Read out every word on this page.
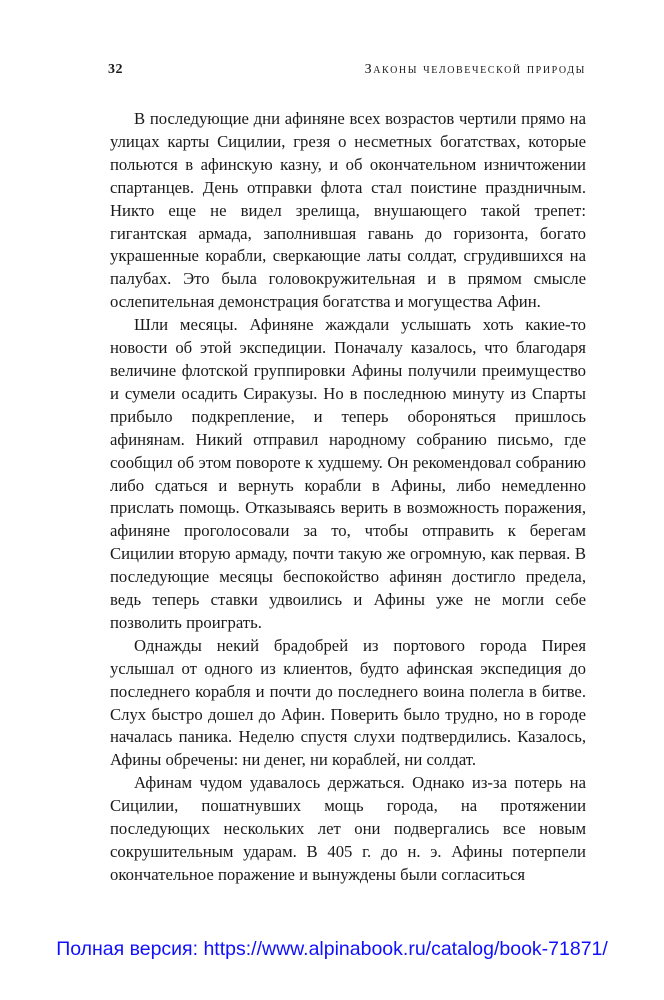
32	Законы человеческой природы

В последующие дни афиняне всех возрастов чертили прямо на улицах карты Сицилии, грезя о несметных богатствах, которые польются в афинскую казну, и об окончательном изничтожении спартанцев. День отправки флота стал поистине праздничным. Никто еще не видел зрелища, внушающего такой трепет: гигантская армада, заполнившая гавань до горизонта, богато украшенные корабли, сверкающие латы солдат, сгрудившихся на палубах. Это была головокружительная и в прямом смысле ослепительная демонстрация богатства и могущества Афин.

Шли месяцы. Афиняне жаждали услышать хоть какие-то новости об этой экспедиции. Поначалу казалось, что благодаря величине флотской группировки Афины получили преимущество и сумели осадить Сиракузы. Но в последнюю минуту из Спарты прибыло подкрепление, и теперь обороняться пришлось афинянам. Никий отправил народному собранию письмо, где сообщил об этом повороте к худшему. Он рекомендовал собранию либо сдаться и вернуть корабли в Афины, либо немедленно прислать помощь. Отказываясь верить в возможность поражения, афиняне проголосовали за то, чтобы отправить к берегам Сицилии вторую армаду, почти такую же огромную, как первая. В последующие месяцы беспокойство афинян достигло предела, ведь теперь ставки удвоились и Афины уже не могли себе позволить проиграть.

Однажды некий брадобрей из портового города Пирея услышал от одного из клиентов, будто афинская экспедиция до последнего корабля и почти до последнего воина полегла в битве. Слух быстро дошел до Афин. Поверить было трудно, но в городе началась паника. Неделю спустя слухи подтвердились. Казалось, Афины обречены: ни денег, ни кораблей, ни солдат.

Афинам чудом удавалось держаться. Однако из-за потерь на Сицилии, пошатнувших мощь города, на протяжении последующих нескольких лет они подвергались все новым сокрушительным ударам. В 405 г. до н. э. Афины потерпели окончательное поражение и вынуждены были согласиться

Полная версия: https://www.alpinabook.ru/catalog/book-71871/
